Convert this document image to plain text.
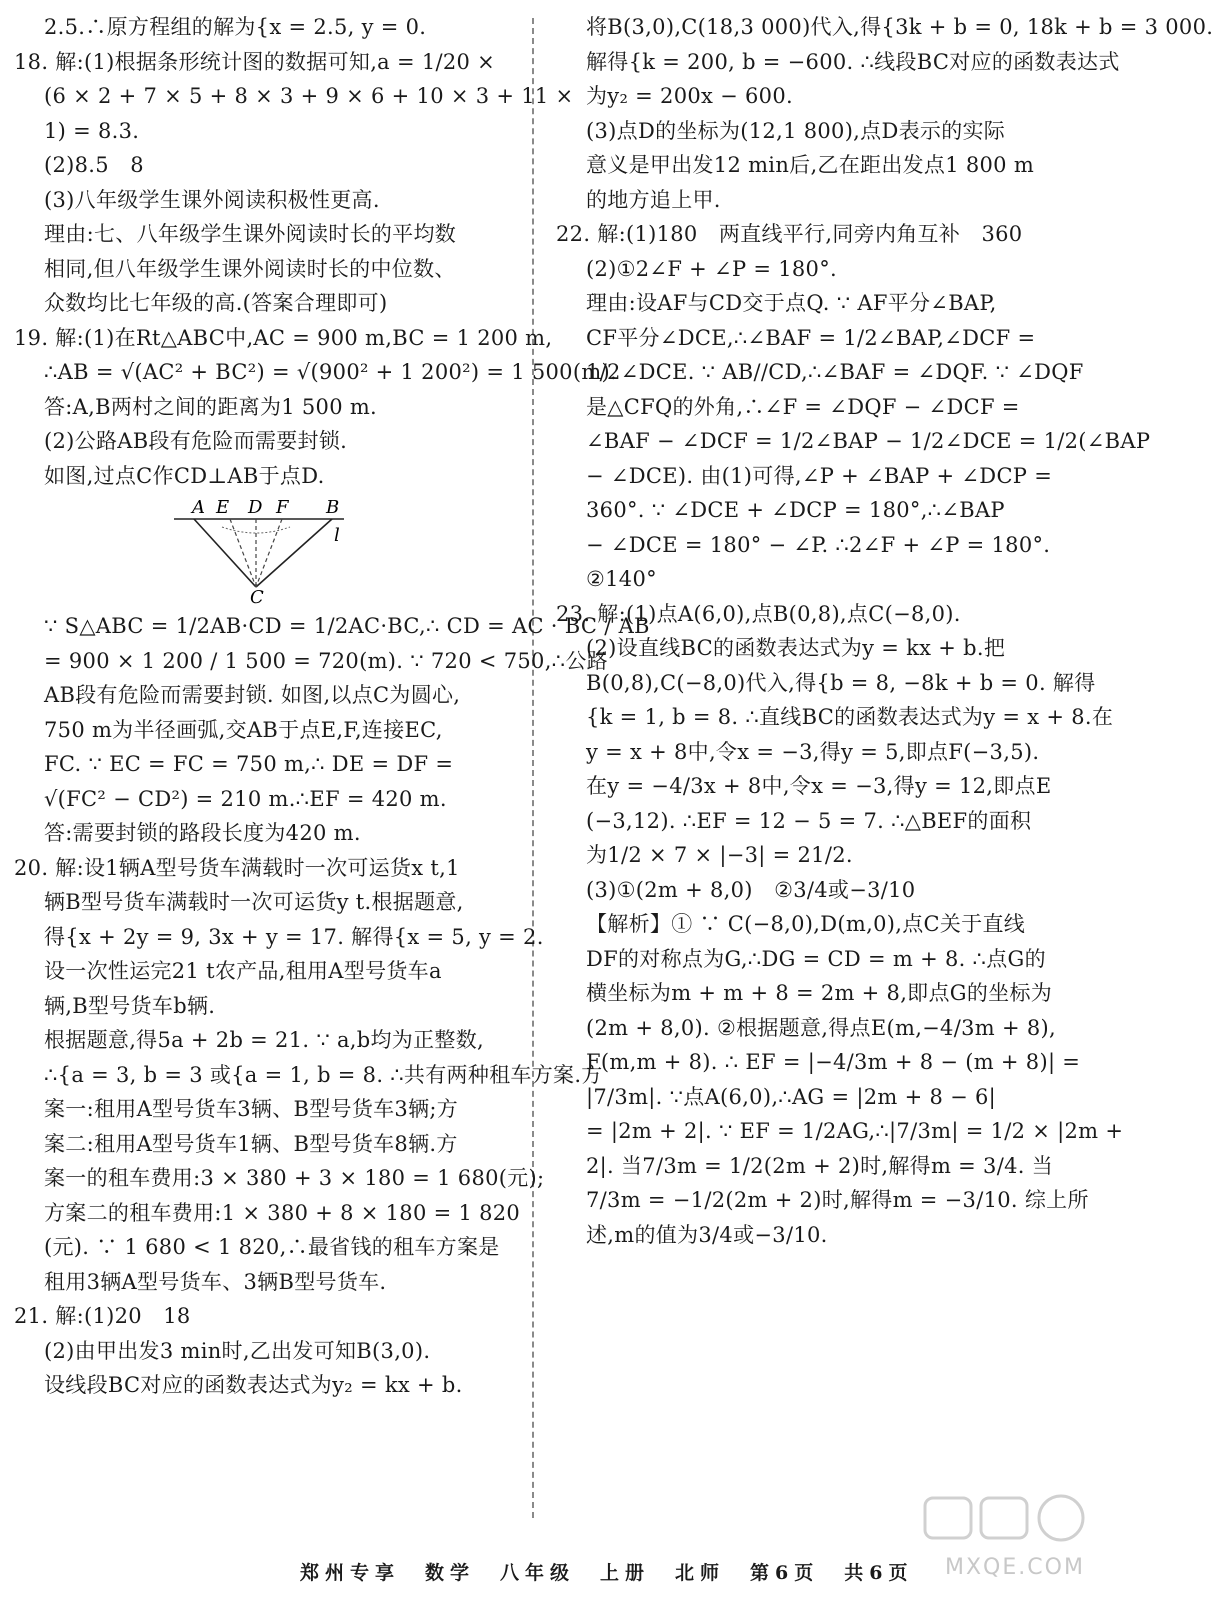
2.5.∴原方程组的解为{x = 2.5, y = 0.
18. 解:(1)根据条形统计图的数据可知,a = 1/20 ×
(6 × 2 + 7 × 5 + 8 × 3 + 9 × 6 + 10 × 3 + 11 ×
1) = 8.3.
(2)8.5　8
(3)八年级学生课外阅读积极性更高.
理由:七、八年级学生课外阅读时长的平均数
相同,但八年级学生课外阅读时长的中位数、
众数均比七年级的高.(答案合理即可)
19. 解:(1)在Rt△ABC中,AC = 900 m,BC = 1 200 m,
∴AB = √(AC² + BC²) = √(900² + 1 200²) = 1 500(m).
答:A,B两村之间的距离为1 500 m.
(2)公路AB段有危险而需要封锁.
如图,过点C作CD⊥AB于点D.
A E D F B
l
C
∵ S△ABC = 1/2AB·CD = 1/2AC·BC,∴ CD = AC · BC / AB
= 900 × 1 200 / 1 500 = 720(m). ∵ 720 < 750,∴公路
AB段有危险而需要封锁. 如图,以点C为圆心,
750 m为半径画弧,交AB于点E,F,连接EC,
FC. ∵ EC = FC = 750 m,∴ DE = DF =
√(FC² − CD²) = 210 m.∴EF = 420 m.
答:需要封锁的路段长度为420 m.
20. 解:设1辆A型号货车满载时一次可运货x t,1
辆B型号货车满载时一次可运货y t.根据题意,
得{x + 2y = 9, 3x + y = 17. 解得{x = 5, y = 2.
设一次性运完21 t农产品,租用A型号货车a
辆,B型号货车b辆.
根据题意,得5a + 2b = 21. ∵ a,b均为正整数,
∴{a = 3, b = 3 或{a = 1, b = 8. ∴共有两种租车方案.方
案一:租用A型号货车3辆、B型号货车3辆;方
案二:租用A型号货车1辆、B型号货车8辆.方
案一的租车费用:3 × 380 + 3 × 180 = 1 680(元);
方案二的租车费用:1 × 380 + 8 × 180 = 1 820
(元). ∵ 1 680 < 1 820,∴最省钱的租车方案是
租用3辆A型号货车、3辆B型号货车.
21. 解:(1)20　18
(2)由甲出发3 min时,乙出发可知B(3,0).
设线段BC对应的函数表达式为y₂ = kx + b.
将B(3,0),C(18,3 000)代入,得{3k + b = 0, 18k + b = 3 000.
解得{k = 200, b = −600. ∴线段BC对应的函数表达式
为y₂ = 200x − 600.
(3)点D的坐标为(12,1 800),点D表示的实际
意义是甲出发12 min后,乙在距出发点1 800 m
的地方追上甲.
22. 解:(1)180　两直线平行,同旁内角互补　360
(2)①2∠F + ∠P = 180°.
理由:设AF与CD交于点Q. ∵ AF平分∠BAP,
CF平分∠DCE,∴∠BAF = 1/2∠BAP,∠DCF =
1/2∠DCE. ∵ AB//CD,∴∠BAF = ∠DQF. ∵ ∠DQF
是△CFQ的外角,∴∠F = ∠DQF − ∠DCF =
∠BAF − ∠DCF = 1/2∠BAP − 1/2∠DCE = 1/2(∠BAP
− ∠DCE). 由(1)可得,∠P + ∠BAP + ∠DCP =
360°. ∵ ∠DCE + ∠DCP = 180°,∴∠BAP
− ∠DCE = 180° − ∠P. ∴2∠F + ∠P = 180°.
②140°
23. 解:(1)点A(6,0),点B(0,8),点C(−8,0).
(2)设直线BC的函数表达式为y = kx + b.把
B(0,8),C(−8,0)代入,得{b = 8, −8k + b = 0. 解得
{k = 1, b = 8. ∴直线BC的函数表达式为y = x + 8.在
y = x + 8中,令x = −3,得y = 5,即点F(−3,5).
在y = −4/3x + 8中,令x = −3,得y = 12,即点E
(−3,12). ∴EF = 12 − 5 = 7. ∴△BEF的面积
为1/2 × 7 × |−3| = 21/2.
(3)①(2m + 8,0)　②3/4或−3/10
【解析】① ∵ C(−8,0),D(m,0),点C关于直线
DF的对称点为G,∴DG = CD = m + 8. ∴点G的
横坐标为m + m + 8 = 2m + 8,即点G的坐标为
(2m + 8,0). ②根据题意,得点E(m,−4/3m + 8),
F(m,m + 8). ∴ EF = |−4/3m + 8 − (m + 8)| =
|7/3m|. ∵点A(6,0),∴AG = |2m + 8 − 6|
= |2m + 2|. ∵ EF = 1/2AG,∴|7/3m| = 1/2 × |2m +
2|. 当7/3m = 1/2(2m + 2)时,解得m = 3/4. 当
7/3m = −1/2(2m + 2)时,解得m = −3/10. 综上所
述,m的值为3/4或−3/10.
郑州专享　数学　八年级　上册　北师　第6页　共6页 MXQE.COM
